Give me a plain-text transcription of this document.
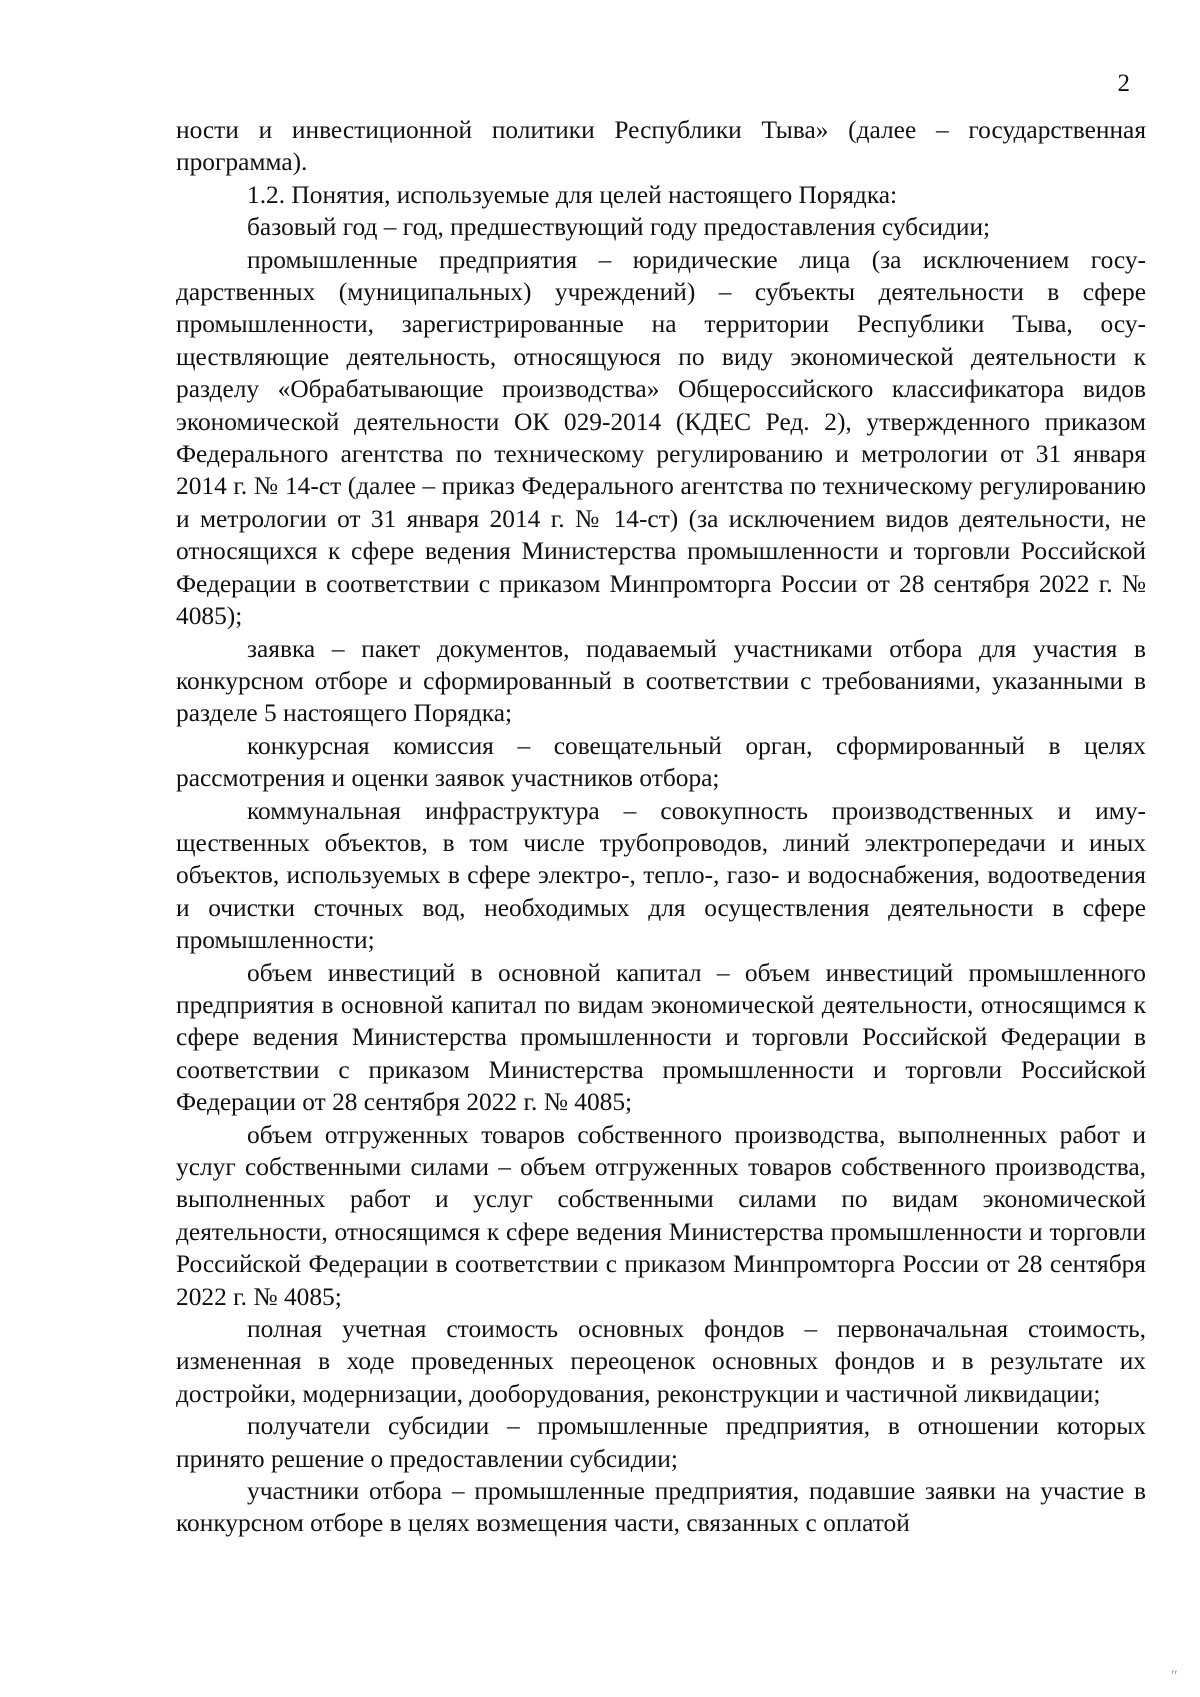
2

ности и инвестиционной политики Республики Тыва» (далее – государственная программа).

1.2. Понятия, используемые для целей настоящего Порядка:

базовый год – год, предшествующий году предоставления субсидии;

промышленные предприятия – юридические лица (за исключением государственных (муниципальных) учреждений) – субъекты деятельности в сфере промышленности, зарегистрированные на территории Республики Тыва, осуществляющие деятельность, относящуюся по виду экономической деятельности к разделу «Обрабатывающие производства» Общероссийского классификатора видов экономической деятельности ОК 029-2014 (КДЕС Ред. 2), утвержденного приказом Федерального агентства по техническому регулированию и метрологии от 31 января 2014 г. № 14-ст (далее – приказ Федерального агентства по техническому регулированию и метрологии от 31 января 2014 г. № 14-ст) (за исключением видов деятельности, не относящихся к сфере ведения Министерства промышленности и торговли Российской Федерации в соответствии с приказом Минпромторга России от 28 сентября 2022 г. № 4085);

заявка – пакет документов, подаваемый участниками отбора для участия в конкурсном отборе и сформированный в соответствии с требованиями, указанными в разделе 5 настоящего Порядка;

конкурсная комиссия – совещательный орган, сформированный в целях рассмотрения и оценки заявок участников отбора;

коммунальная инфраструктура – совокупность производственных и имущественных объектов, в том числе трубопроводов, линий электропередачи и иных объектов, используемых в сфере электро-, тепло-, газо- и водоснабжения, водоотведения и очистки сточных вод, необходимых для осуществления деятельности в сфере промышленности;

объем инвестиций в основной капитал – объем инвестиций промышленного предприятия в основной капитал по видам экономической деятельности, относящимся к сфере ведения Министерства промышленности и торговли Российской Федерации в соответствии с приказом Министерства промышленности и торговли Российской Федерации от 28 сентября 2022 г. № 4085;

объем отгруженных товаров собственного производства, выполненных работ и услуг собственными силами – объем отгруженных товаров собственного производства, выполненных работ и услуг собственными силами по видам экономической деятельности, относящимся к сфере ведения Министерства промышленности и торговли Российской Федерации в соответствии с приказом Минпромторга России от 28 сентября 2022 г. № 4085;

полная учетная стоимость основных фондов – первоначальная стоимость, измененная в ходе проведенных переоценок основных фондов и в результате их достройки, модернизации, дооборудования, реконструкции и частичной ликвидации;

получатели субсидии – промышленные предприятия, в отношении которых принято решение о предоставлении субсидии;

участники отбора – промышленные предприятия, подавшие заявки на участие в конкурсном отборе в целях возмещения части, связанных с оплатой

″
